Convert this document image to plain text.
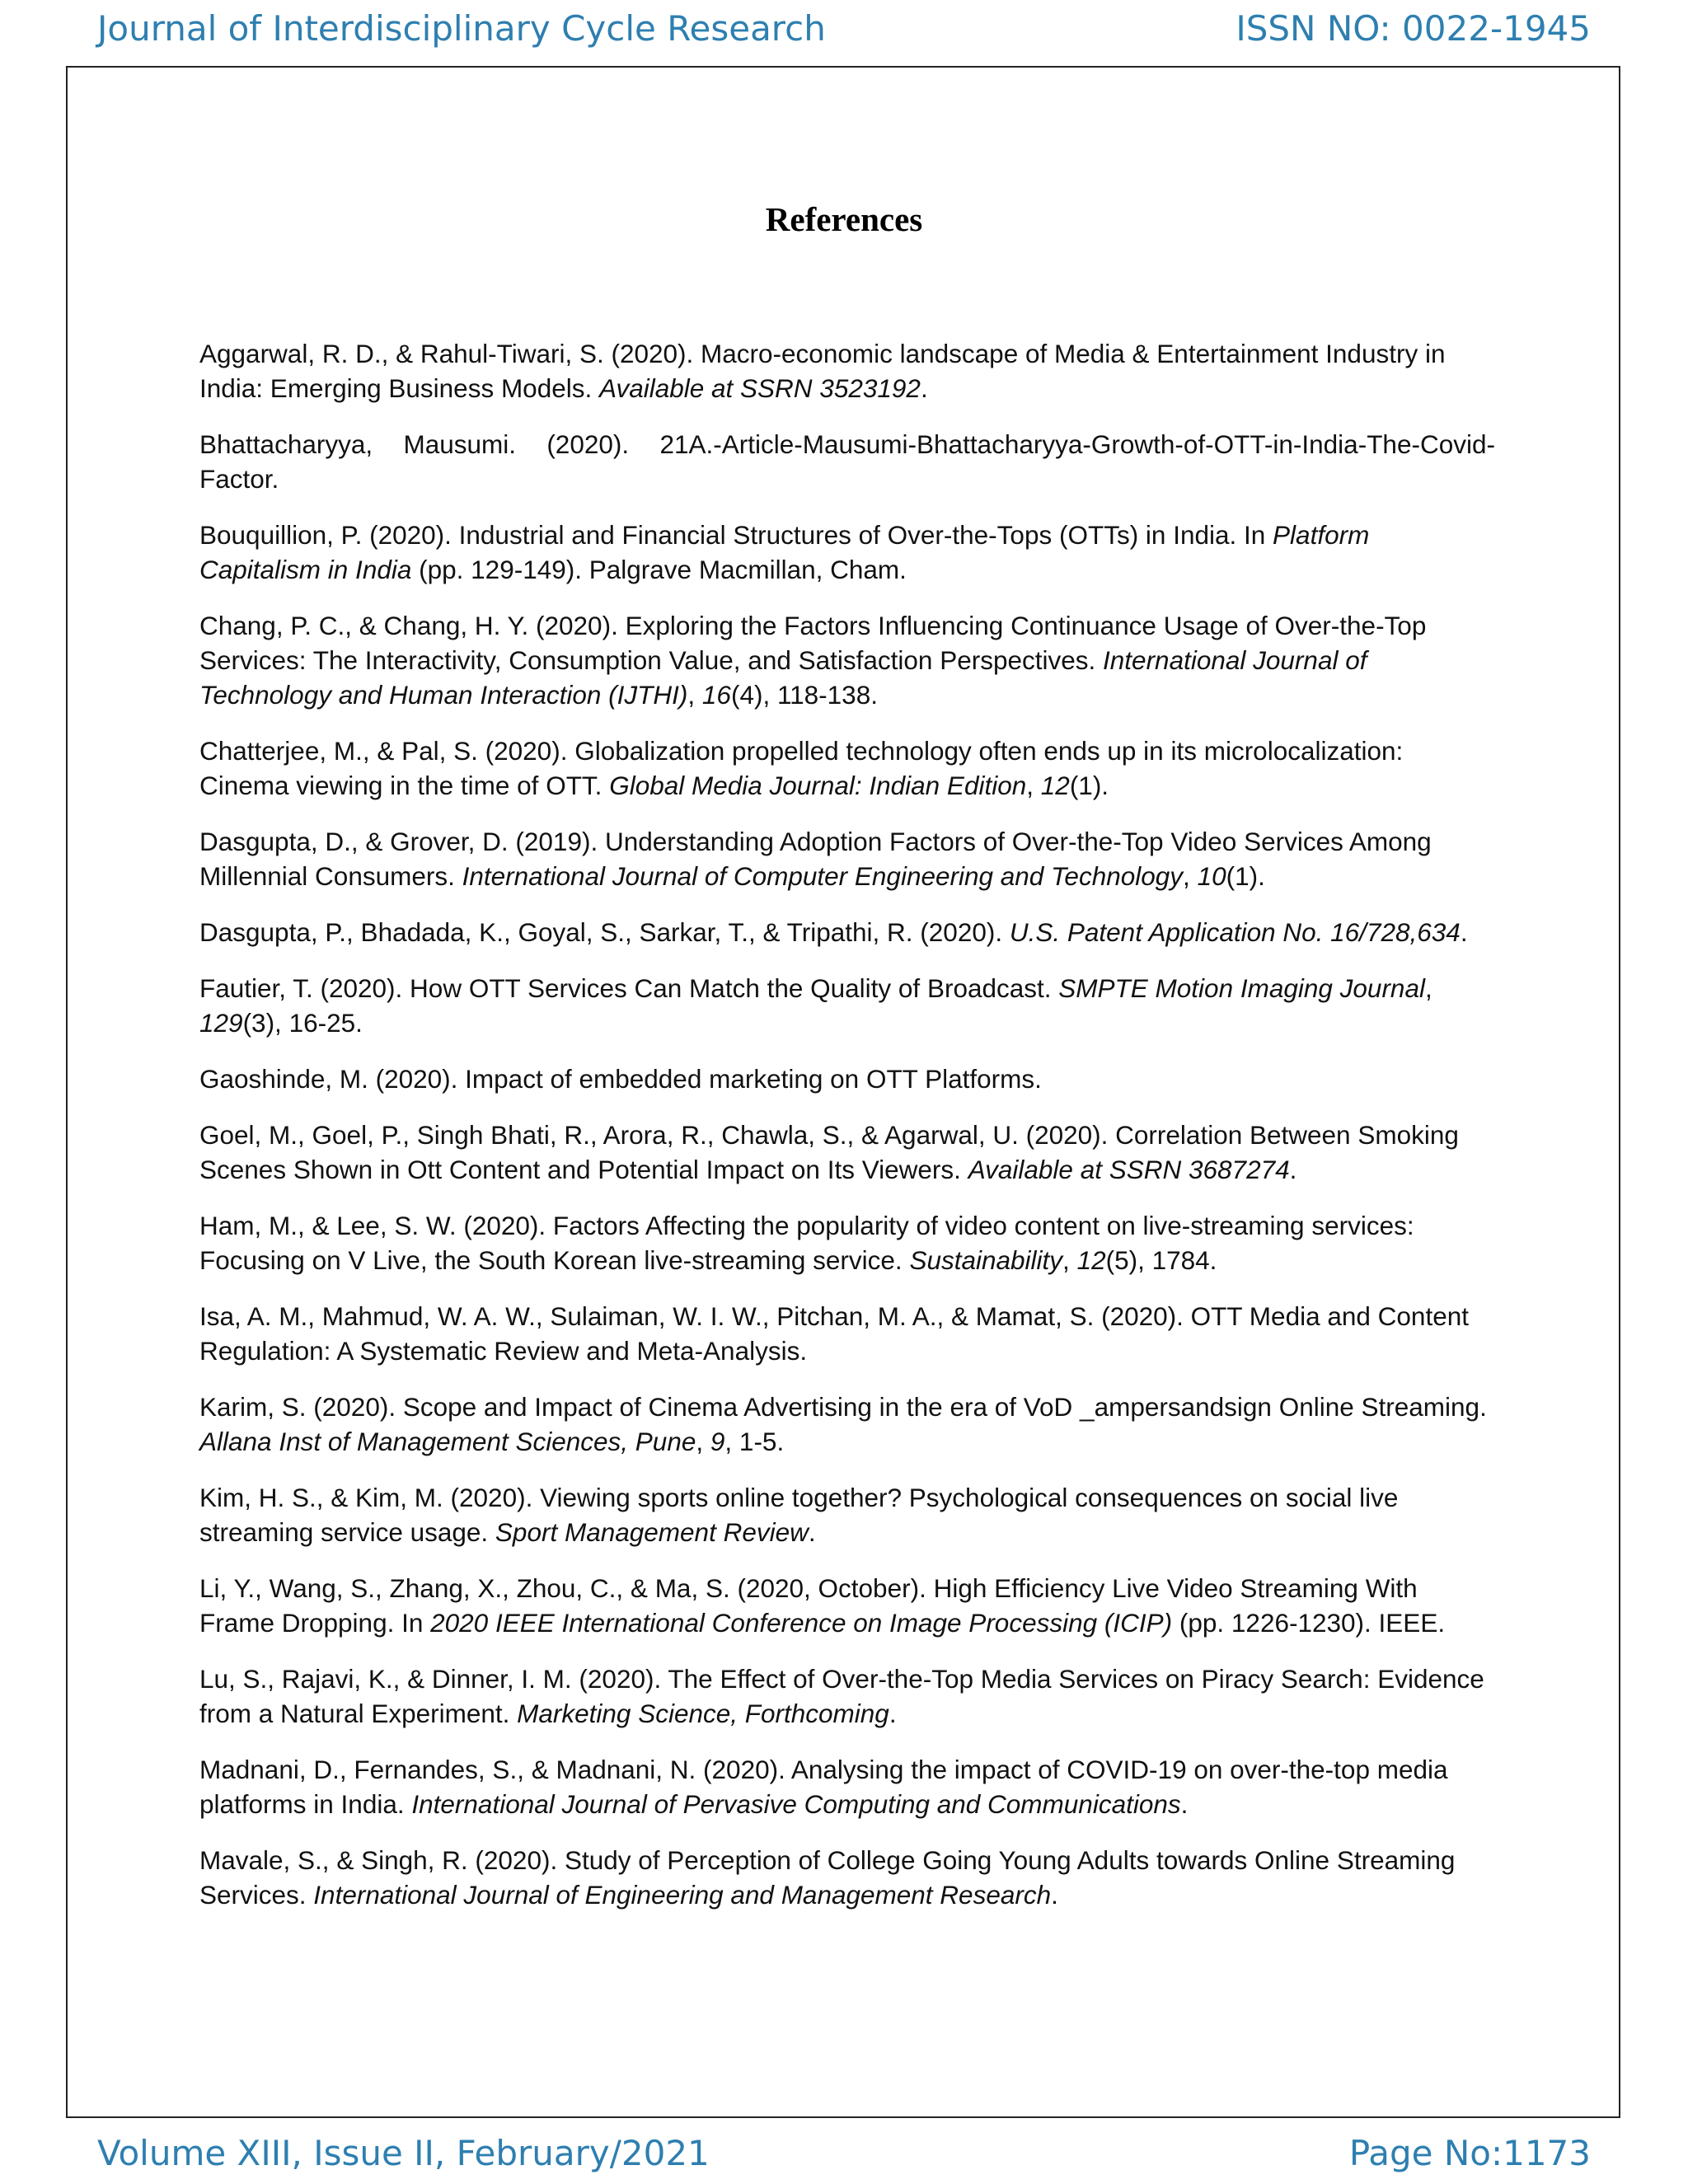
Journal of Interdisciplinary Cycle Research	ISSN NO: 0022-1945
References
Aggarwal, R. D., & Rahul-Tiwari, S. (2020). Macro-economic landscape of Media & Entertainment Industry in India: Emerging Business Models. Available at SSRN 3523192.
Bhattacharyya, Mausumi. (2020). 21A.-Article-Mausumi-Bhattacharyya-Growth-of-OTT-in-India-The-Covid-Factor.
Bouquillion, P. (2020). Industrial and Financial Structures of Over-the-Tops (OTTs) in India. In Platform Capitalism in India (pp. 129-149). Palgrave Macmillan, Cham.
Chang, P. C., & Chang, H. Y. (2020). Exploring the Factors Influencing Continuance Usage of Over-the-Top Services: The Interactivity, Consumption Value, and Satisfaction Perspectives. International Journal of Technology and Human Interaction (IJTHI), 16(4), 118-138.
Chatterjee, M., & Pal, S. (2020). Globalization propelled technology often ends up in its microlocalization: Cinema viewing in the time of OTT. Global Media Journal: Indian Edition, 12(1).
Dasgupta, D., & Grover, D. (2019). Understanding Adoption Factors of Over-the-Top Video Services Among Millennial Consumers. International Journal of Computer Engineering and Technology, 10(1).
Dasgupta, P., Bhadada, K., Goyal, S., Sarkar, T., & Tripathi, R. (2020). U.S. Patent Application No. 16/728,634.
Fautier, T. (2020). How OTT Services Can Match the Quality of Broadcast. SMPTE Motion Imaging Journal, 129(3), 16-25.
Gaoshinde, M. (2020). Impact of embedded marketing on OTT Platforms.
Goel, M., Goel, P., Singh Bhati, R., Arora, R., Chawla, S., & Agarwal, U. (2020). Correlation Between Smoking Scenes Shown in Ott Content and Potential Impact on Its Viewers. Available at SSRN 3687274.
Ham, M., & Lee, S. W. (2020). Factors Affecting the popularity of video content on live-streaming services: Focusing on V Live, the South Korean live-streaming service. Sustainability, 12(5), 1784.
Isa, A. M., Mahmud, W. A. W., Sulaiman, W. I. W., Pitchan, M. A., & Mamat, S. (2020). OTT Media and Content Regulation: A Systematic Review and Meta-Analysis.
Karim, S. (2020). Scope and Impact of Cinema Advertising in the era of VoD _ampersandsign Online Streaming. Allana Inst of Management Sciences, Pune, 9, 1-5.
Kim, H. S., & Kim, M. (2020). Viewing sports online together? Psychological consequences on social live streaming service usage. Sport Management Review.
Li, Y., Wang, S., Zhang, X., Zhou, C., & Ma, S. (2020, October). High Efficiency Live Video Streaming With Frame Dropping. In 2020 IEEE International Conference on Image Processing (ICIP) (pp. 1226-1230). IEEE.
Lu, S., Rajavi, K., & Dinner, I. M. (2020). The Effect of Over-the-Top Media Services on Piracy Search: Evidence from a Natural Experiment. Marketing Science, Forthcoming.
Madnani, D., Fernandes, S., & Madnani, N. (2020). Analysing the impact of COVID-19 on over-the-top media platforms in India. International Journal of Pervasive Computing and Communications.
Mavale, S., & Singh, R. (2020). Study of Perception of College Going Young Adults towards Online Streaming Services. International Journal of Engineering and Management Research.
Volume XIII, Issue II, February/2021	Page No:1173
